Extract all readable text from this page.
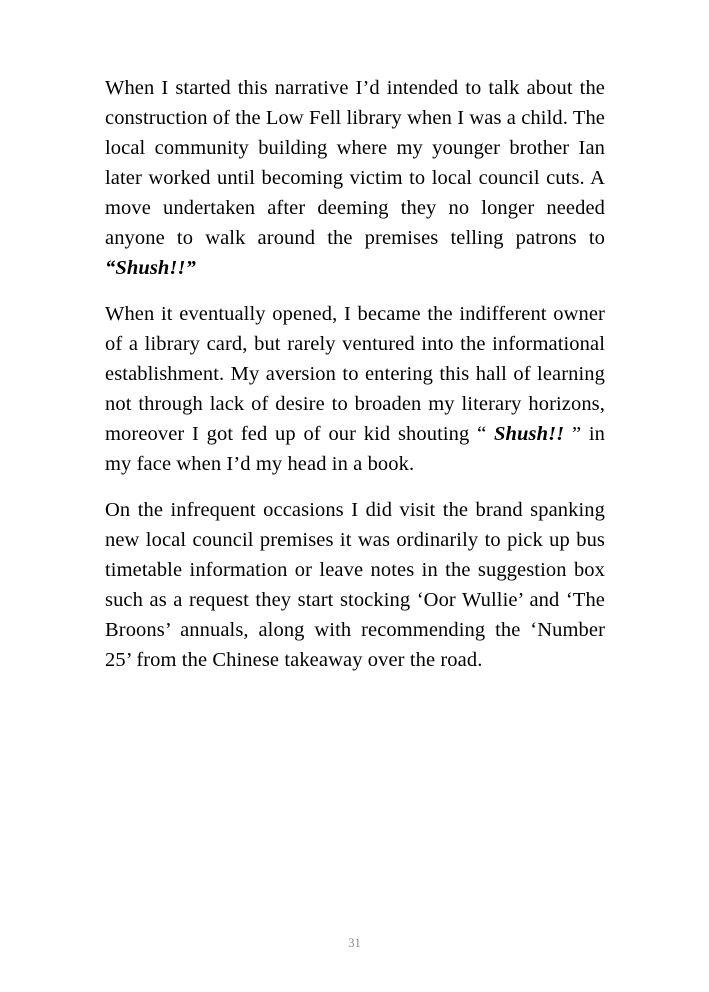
When I started this narrative I’d intended to talk about the construction of the Low Fell library when I was a child. The local community building where my younger brother Ian later worked until becoming victim to local council cuts. A move undertaken after deeming they no longer needed anyone to walk around the premises telling patrons to “Shush!!”

When it eventually opened, I became the indifferent owner of a library card, but rarely ventured into the informational establishment. My aversion to entering this hall of learning not through lack of desire to broaden my literary horizons, moreover I got fed up of our kid shouting “ Shush!! ” in my face when I’d my head in a book.

On the infrequent occasions I did visit the brand spanking new local council premises it was ordinarily to pick up bus timetable information or leave notes in the suggestion box such as a request they start stocking ‘Oor Wullie’ and ‘The Broons’ annuals, along with recommending the ‘Number 25’ from the Chinese takeaway over the road.

31
